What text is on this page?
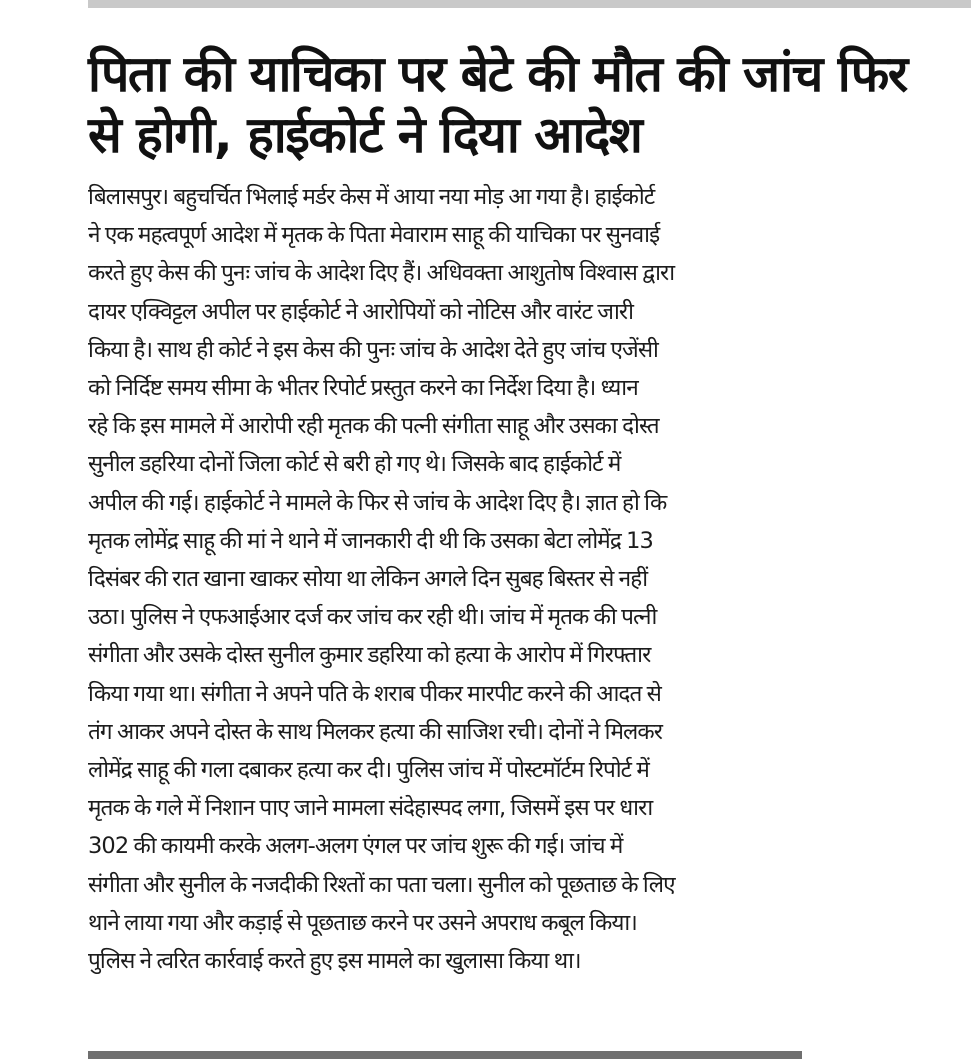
पिता की याचिका पर बेटे की मौत की जांच फिर
से होगी, हाईकोर्ट ने दिया आदेश
बिलासपुर। बहुचर्चित भिलाई मर्डर केस में आया नया मोड़ आ गया है। हाईकोर्ट
ने एक महत्वपूर्ण आदेश में मृतक के पिता मेवाराम साहू की याचिका पर सुनवाई
करते हुए केस की पुनः जांच के आदेश दिए हैं। अधिवक्ता आशुतोष विश्वास द्वारा
दायर एक्विट्टल अपील पर हाईकोर्ट ने आरोपियों को नोटिस और वारंट जारी
किया है। साथ ही कोर्ट ने इस केस की पुनः जांच के आदेश देते हुए जांच एजेंसी
को निर्दिष्ट समय सीमा के भीतर रिपोर्ट प्रस्तुत करने का निर्देश दिया है। ध्यान
रहे कि इस मामले में आरोपी रही मृतक की पत्नी संगीता साहू और उसका दोस्त
सुनील डहरिया दोनों जिला कोर्ट से बरी हो गए थे। जिसके बाद हाईकोर्ट में
अपील की गई। हाईकोर्ट ने मामले के फिर से जांच के आदेश दिए है। ज्ञात हो कि
मृतक लोमेंद्र साहू की मां ने थाने में जानकारी दी थी कि उसका बेटा लोमेंद्र 13
दिसंबर की रात खाना खाकर सोया था लेकिन अगले दिन सुबह बिस्तर से नहीं
उठा। पुलिस ने एफआईआर दर्ज कर जांच कर रही थी। जांच में मृतक की पत्नी
संगीता और उसके दोस्त सुनील कुमार डहरिया को हत्या के आरोप में गिरफ्तार
किया गया था। संगीता ने अपने पति के शराब पीकर मारपीट करने की आदत से
तंग आकर अपने दोस्त के साथ मिलकर हत्या की साजिश रची। दोनों ने मिलकर
लोमेंद्र साहू की गला दबाकर हत्या कर दी। पुलिस जांच में पोस्टमॉर्टम रिपोर्ट में
मृतक के गले में निशान पाए जाने मामला संदेहास्पद लगा, जिसमें इस पर धारा
302 की कायमी करके अलग-अलग एंगल पर जांच शुरू की गई। जांच में
संगीता और सुनील के नजदीकी रिश्तों का पता चला। सुनील को पूछताछ के लिए
थाने लाया गया और कड़ाई से पूछताछ करने पर उसने अपराध कबूल किया।
पुलिस ने त्वरित कार्रवाई करते हुए इस मामले का खुलासा किया था।
